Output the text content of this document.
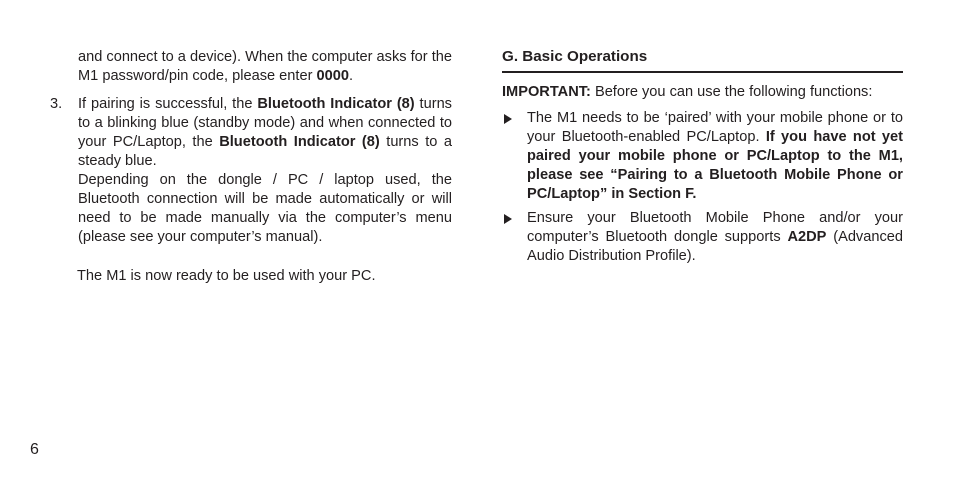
and connect to a device). When the computer asks for the M1 password/pin code, please enter 0000.

3. If pairing is successful, the Bluetooth Indicator (8) turns to a blinking blue (standby mode) and when connected to your PC/Laptop, the Bluetooth Indicator (8) turns to a steady blue.

Depending on the dongle / PC / laptop used, the Bluetooth connection will be made automatically or will need to be made manually via the computer’s menu (please see your computer’s manual).

The M1 is now ready to be used with your PC.

G. Basic Operations

IMPORTANT: Before you can use the following functions:

The M1 needs to be ‘paired’ with your mobile phone or to your Bluetooth-enabled PC/Laptop. If you have not yet paired your mobile phone or PC/Laptop to the M1, please see “Pairing to a Bluetooth Mobile Phone or PC/Laptop” in Section F.

Ensure your Bluetooth Mobile Phone and/or your computer’s Bluetooth dongle supports A2DP (Advanced Audio Distribution Profile).

6
